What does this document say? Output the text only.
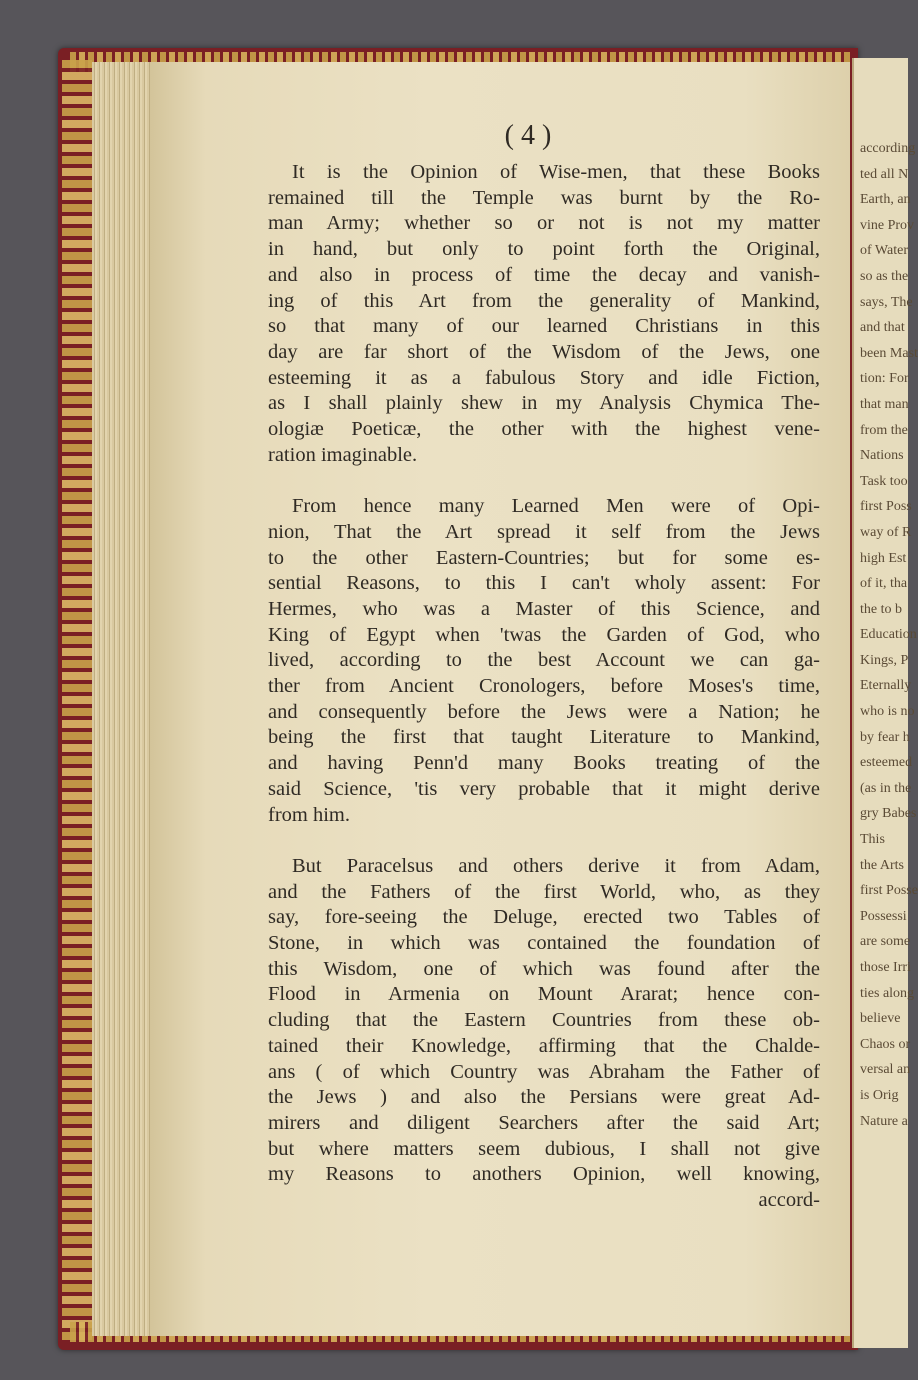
( 4 )
It is the Opinion of Wise-men, that these Books
remained till the Temple was burnt by the Ro-
man Army; whether so or not is not my matter
in hand, but only to point forth the Original,
and also in process of time the decay and vanish-
ing of this Art from the generality of Mankind,
so that many of our learned Christians in this
day are far short of the Wisdom of the Jews, one
esteeming it as a fabulous Story and idle Fiction,
as I shall plainly shew in my Analysis Chymica The-
ologiæ Poeticæ, the other with the highest vene-
ration imaginable.
From hence many Learned Men were of Opi-
nion, That the Art spread it self from the Jews
to the other Eastern-Countries; but for some es-
sential Reasons, to this I can't wholy assent: For
Hermes, who was a Master of this Science, and
King of Egypt when 'twas the Garden of God, who
lived, according to the best Account we can ga-
ther from Ancient Cronologers, before Moses's time,
and consequently before the Jews were a Nation; he
being the first that taught Literature to Mankind,
and having Penn'd many Books treating of the
said Science, 'tis very probable that it might derive
from him.
But Paracelsus and others derive it from Adam,
and the Fathers of the first World, who, as they
say, fore-seeing the Deluge, erected two Tables of
Stone, in which was contained the foundation of
this Wisdom, one of which was found after the
Flood in Armenia on Mount Ararat; hence con-
cluding that the Eastern Countries from these ob-
tained their Knowledge, affirming that the Chalde-
ans ( of which Country was Abraham the Father of
the Jews ) and also the Persians were great Ad-
mirers and diligent Searchers after the said Art;
but where matters seem dubious, I shall not give
my Reasons to anothers Opinion, well knowing,
accord-

according

ted all N

Earth, an

vine Prov

of Water

so as the

says, The

and that

been Mast

tion: For

that man

from the

Nations

Task too

first Poss

way of R

high Est

of it, tha

the to b

Education

Kings, P

Eternally

who is no

by fear h

esteemed

(as in the

gry Babes

This

the Arts

first Posse

Possessi

are some

those Irri

ties along

believe

Chaos or

versal an

is Orig

Nature a
